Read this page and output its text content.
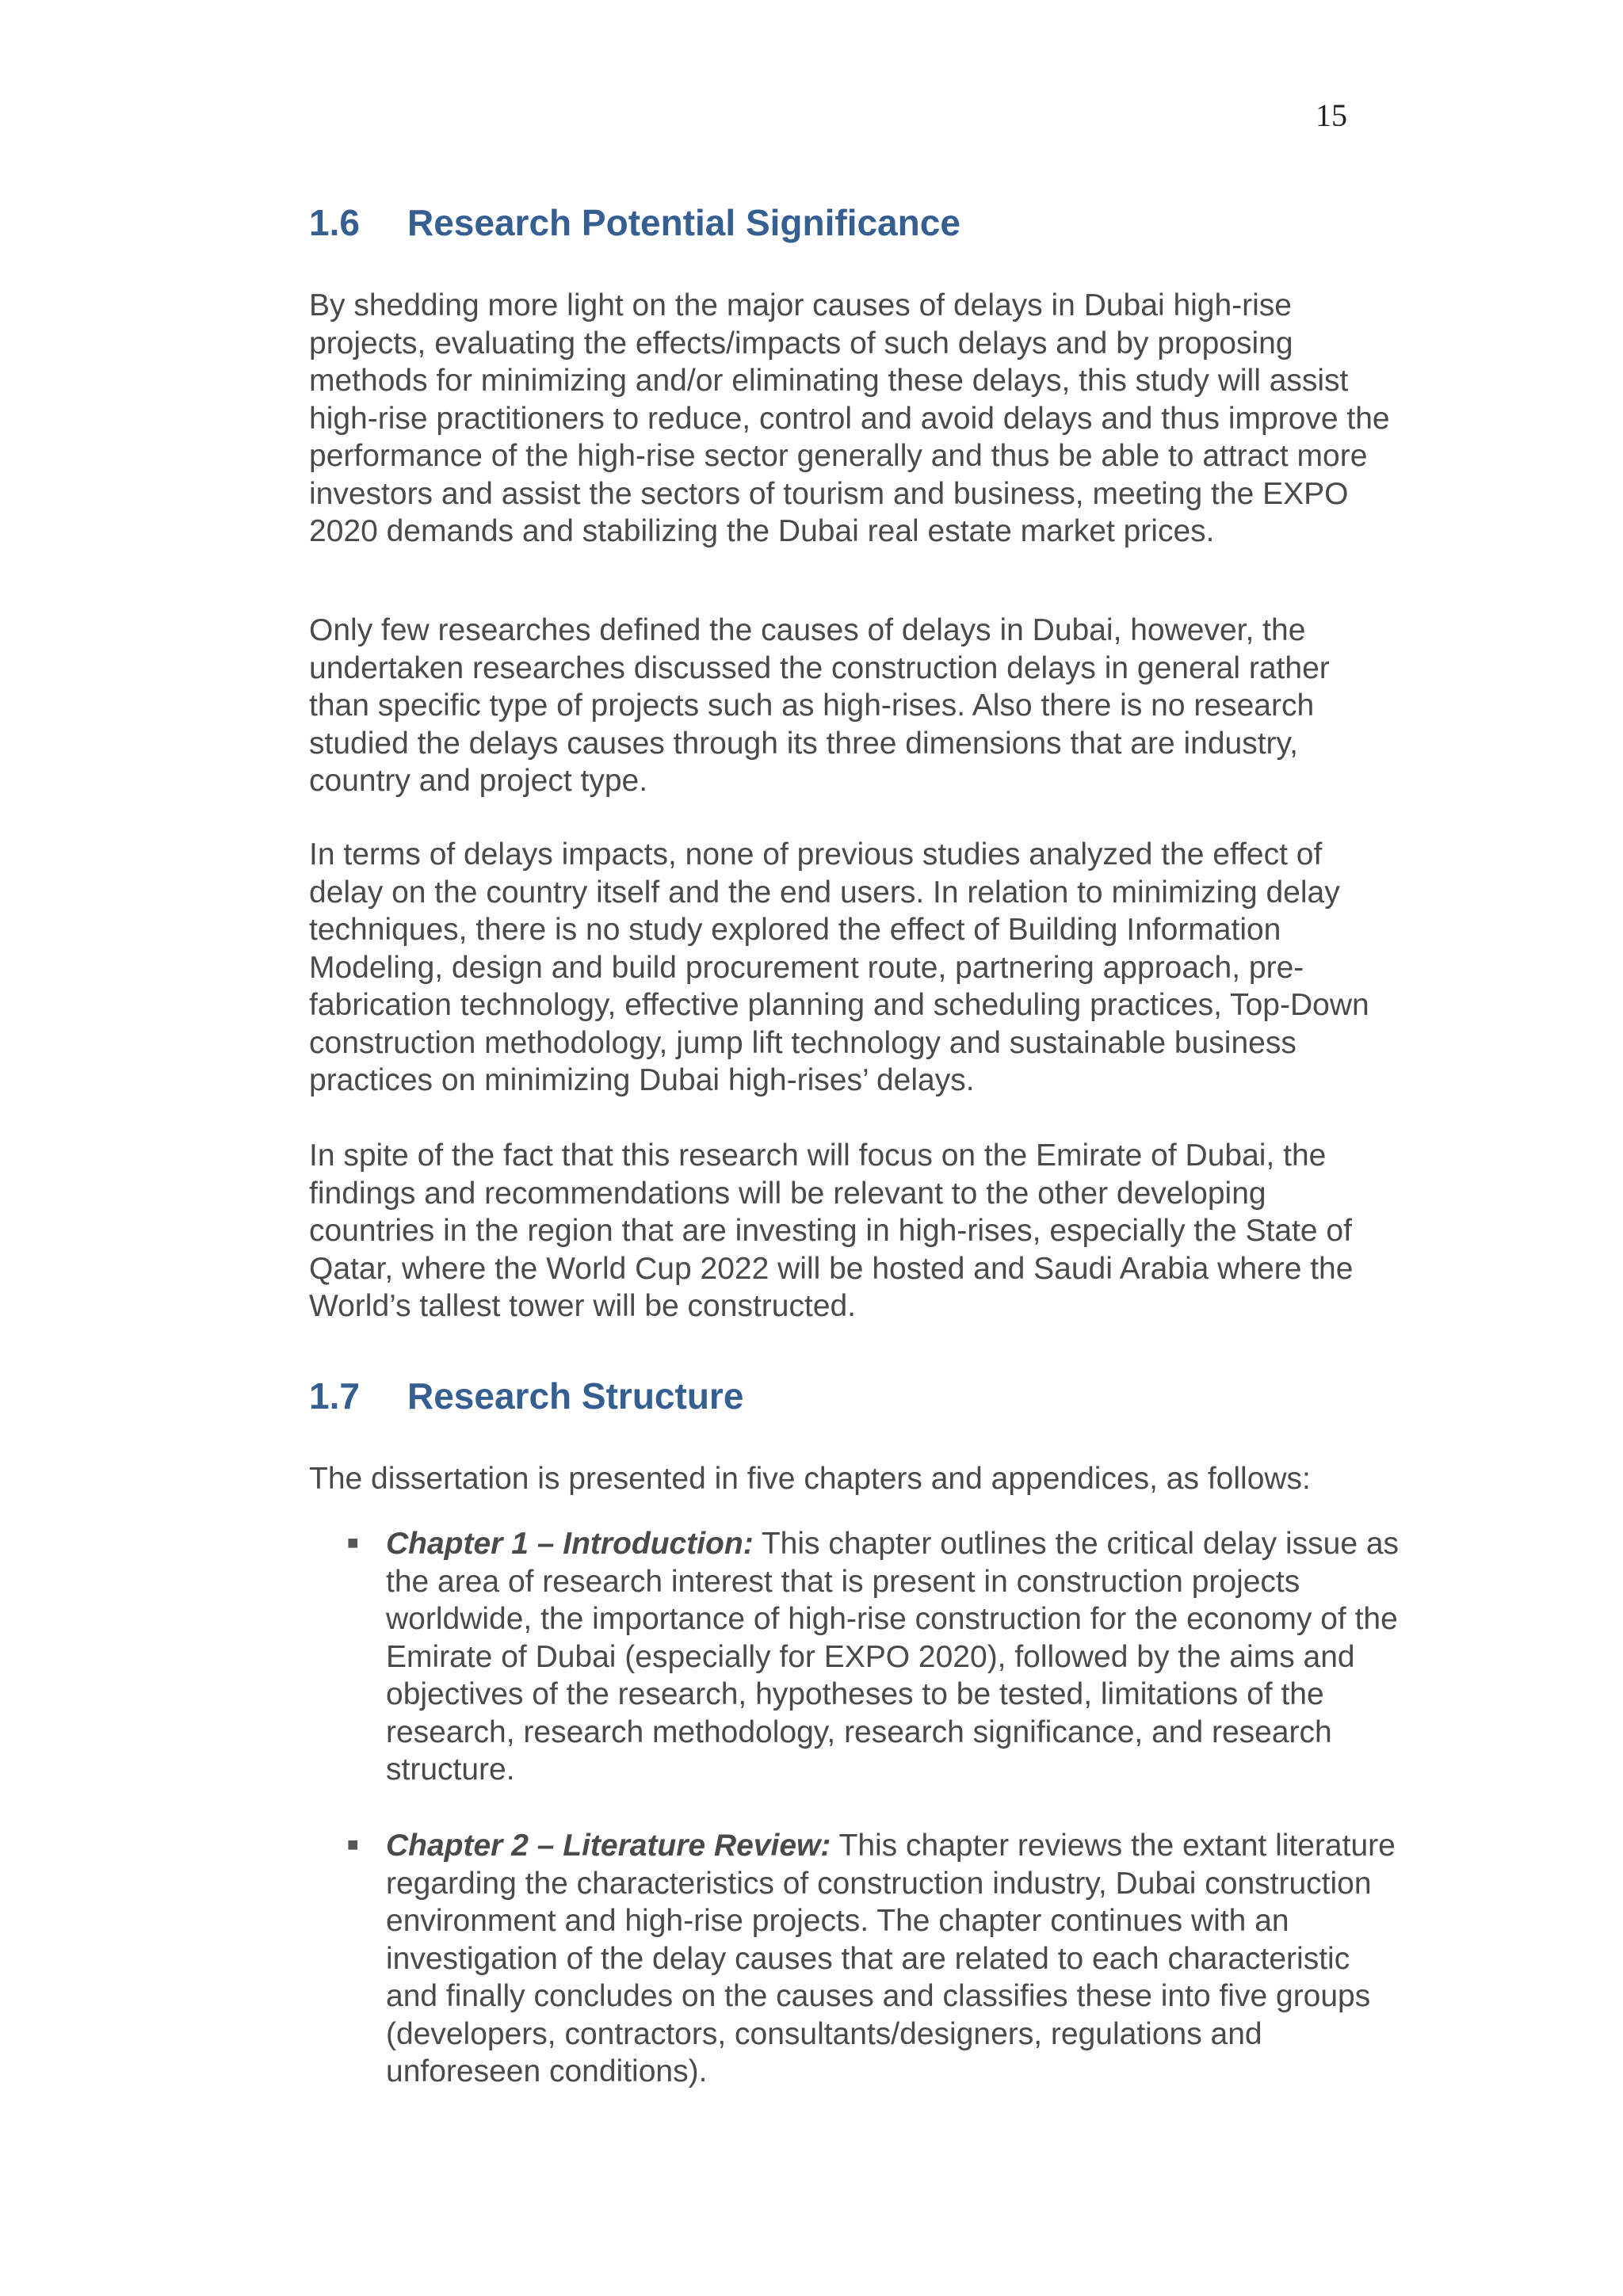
15
1.6 Research Potential Significance

By shedding more light on the major causes of delays in Dubai high-rise projects, evaluating the effects/impacts of such delays and by proposing methods for minimizing and/or eliminating these delays, this study will assist high-rise practitioners to reduce, control and avoid delays and thus improve the performance of the high-rise sector generally and thus be able to attract more investors and assist the sectors of tourism and business, meeting the EXPO 2020 demands and stabilizing the Dubai real estate market prices.

Only few researches defined the causes of delays in Dubai, however, the undertaken researches discussed the construction delays in general rather than specific type of projects such as high-rises. Also there is no research studied the delays causes through its three dimensions that are industry, country and project type.

In terms of delays impacts, none of previous studies analyzed the effect of delay on the country itself and the end users. In relation to minimizing delay techniques, there is no study explored the effect of Building Information Modeling, design and build procurement route, partnering approach, pre-fabrication technology, effective planning and scheduling practices, Top-Down construction methodology, jump lift technology and sustainable business practices on minimizing Dubai high-rises’ delays.

In spite of the fact that this research will focus on the Emirate of Dubai, the findings and recommendations will be relevant to the other developing countries in the region that are investing in high-rises, especially the State of Qatar, where the World Cup 2022 will be hosted and Saudi Arabia where the World’s tallest tower will be constructed.

1.7 Research Structure

The dissertation is presented in five chapters and appendices, as follows:

■ Chapter 1 – Introduction: This chapter outlines the critical delay issue as the area of research interest that is present in construction projects worldwide, the importance of high-rise construction for the economy of the Emirate of Dubai (especially for EXPO 2020), followed by the aims and objectives of the research, hypotheses to be tested, limitations of the research, research methodology, research significance, and research structure.

■ Chapter 2 – Literature Review: This chapter reviews the extant literature regarding the characteristics of construction industry, Dubai construction environment and high-rise projects. The chapter continues with an investigation of the delay causes that are related to each characteristic and finally concludes on the causes and classifies these into five groups (developers, contractors, consultants/designers, regulations and unforeseen conditions).
